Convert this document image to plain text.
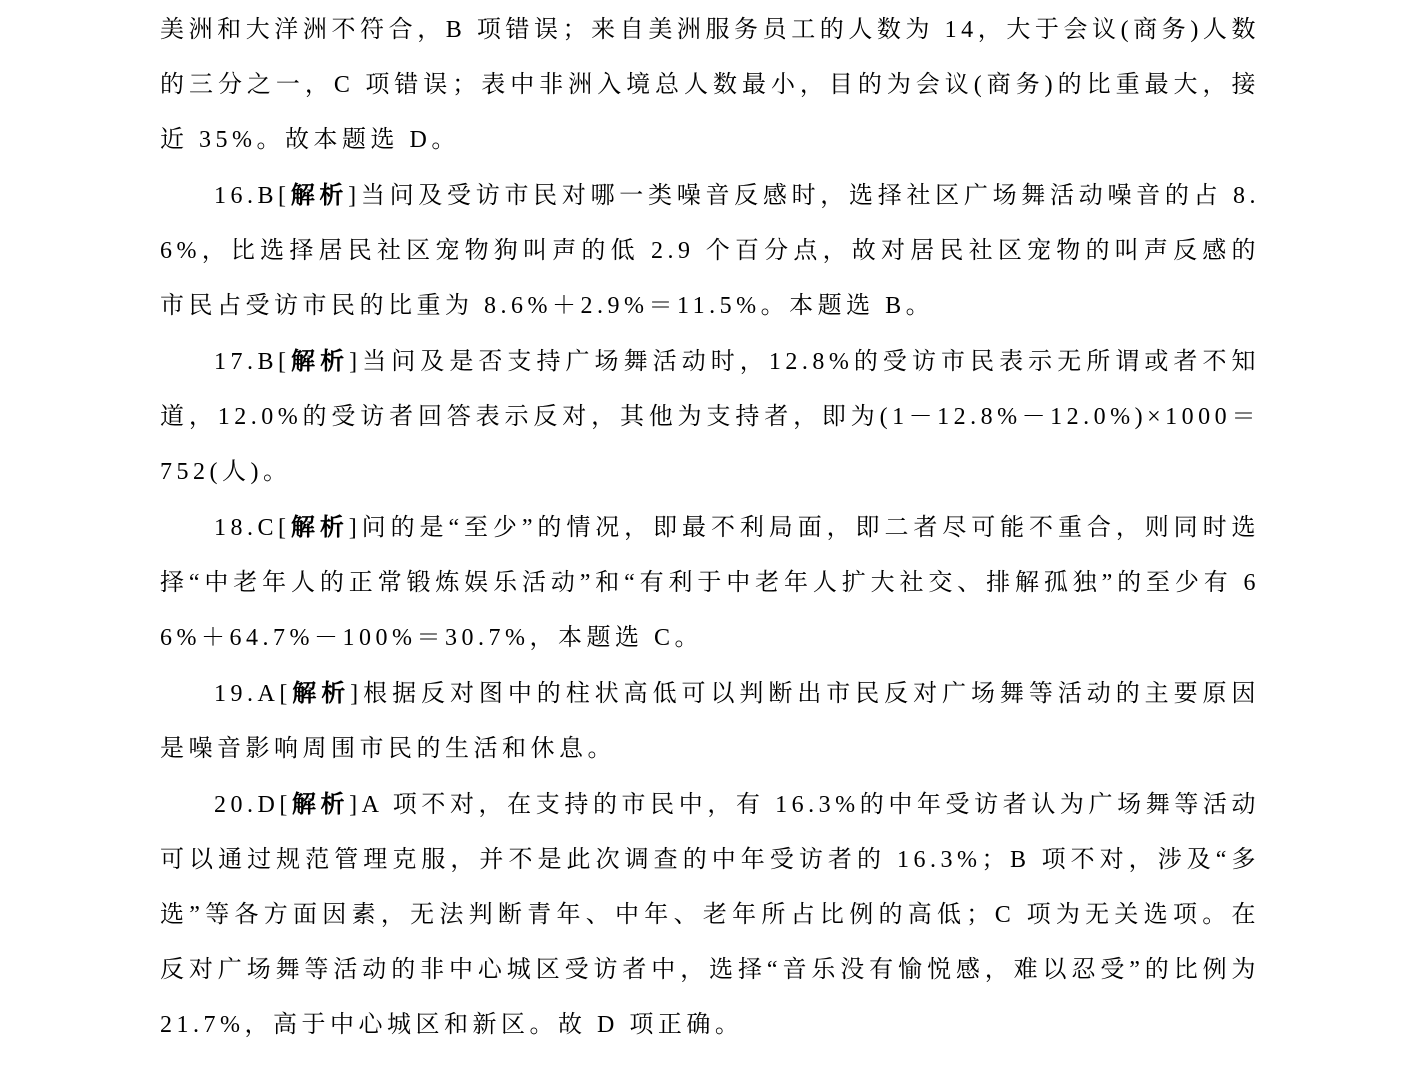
美洲和大洋洲不符合，B 项错误；来自美洲服务员工的人数为 14，大于会议(商务)人数的三分之一，C 项错误；表中非洲入境总人数最小，目的为会议(商务)的比重最大，接近 35%。故本题选 D。

16.B[解析]当问及受访市民对哪一类噪音反感时，选择社区广场舞活动噪音的占 8.6%，比选择居民社区宠物狗叫声的低 2.9 个百分点，故对居民社区宠物的叫声反感的市民占受访市民的比重为 8.6%＋2.9%＝11.5%。本题选 B。

17.B[解析]当问及是否支持广场舞活动时，12.8%的受访市民表示无所谓或者不知道，12.0%的受访者回答表示反对，其他为支持者，即为(1－12.8%－12.0%)×1000＝752(人)。

18.C[解析]问的是“至少”的情况，即最不利局面，即二者尽可能不重合，则同时选择“中老年人的正常锻炼娱乐活动”和“有利于中老年人扩大社交、排解孤独”的至少有 66%＋64.7%－100%＝30.7%，本题选 C。

19.A[解析]根据反对图中的柱状高低可以判断出市民反对广场舞等活动的主要原因是噪音影响周围市民的生活和休息。

20.D[解析]A 项不对，在支持的市民中，有 16.3%的中年受访者认为广场舞等活动可以通过规范管理克服，并不是此次调查的中年受访者的 16.3%；B 项不对，涉及“多选”等各方面因素，无法判断青年、中年、老年所占比例的高低；C 项为无关选项。在反对广场舞等活动的非中心城区受访者中，选择“音乐没有愉悦感，难以忍受”的比例为 21.7%，高于中心城区和新区。故 D 项正确。
